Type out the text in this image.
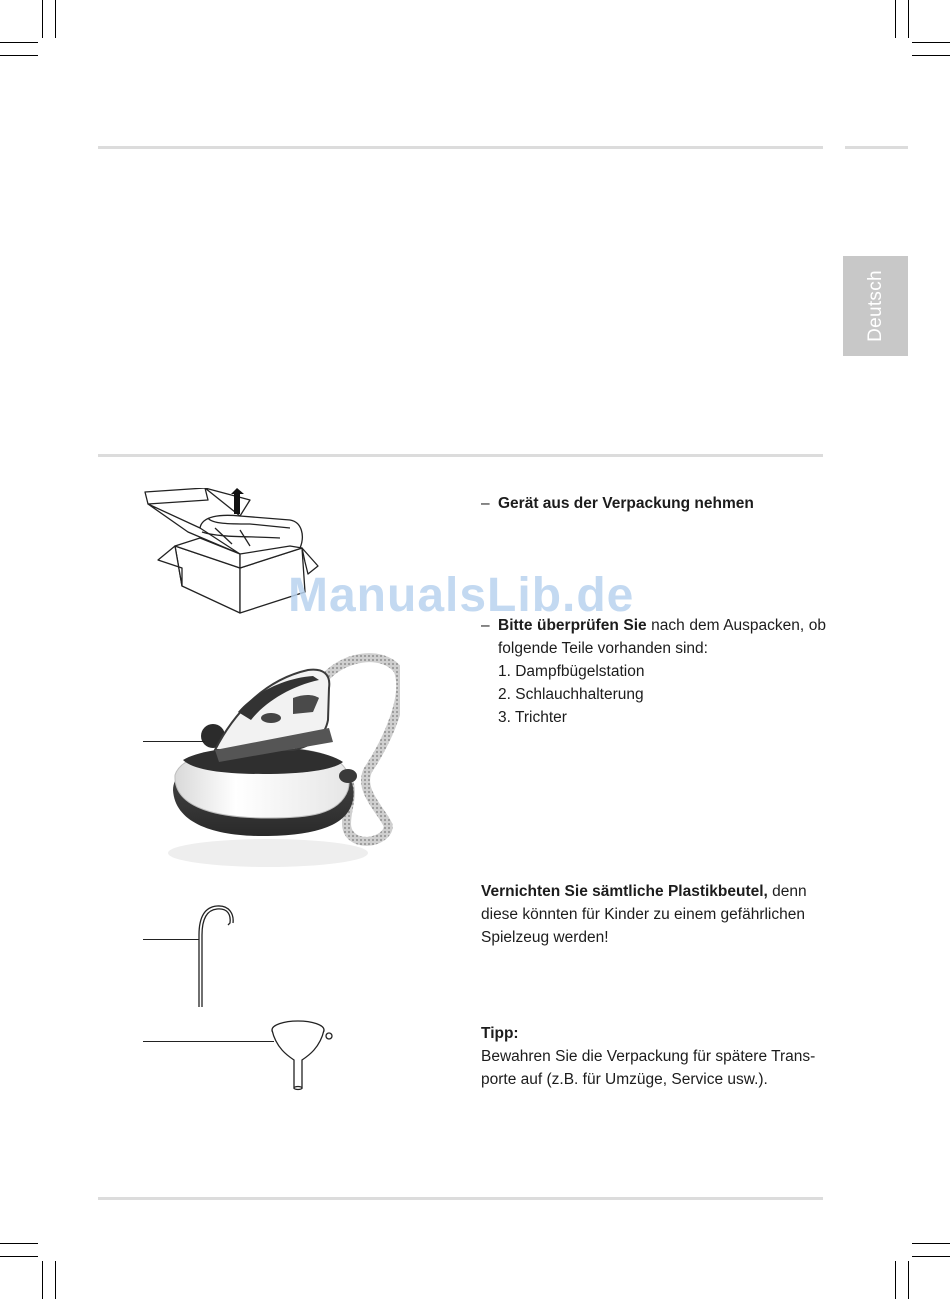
Deutsch
ManualsLib.de
– Gerät aus der Verpackung nehmen
– Bitte überprüfen Sie nach dem Auspacken, ob
folgende Teile vorhanden sind:
1. Dampfbügelstation
2. Schlauchhalterung
3. Trichter
Vernichten Sie sämtliche Plastikbeutel, denn
diese könnten für Kinder zu einem gefährlichen
Spielzeug werden!
Tipp:
Bewahren Sie die Verpackung für spätere Trans-
porte auf (z.B. für Umzüge, Service usw.).
